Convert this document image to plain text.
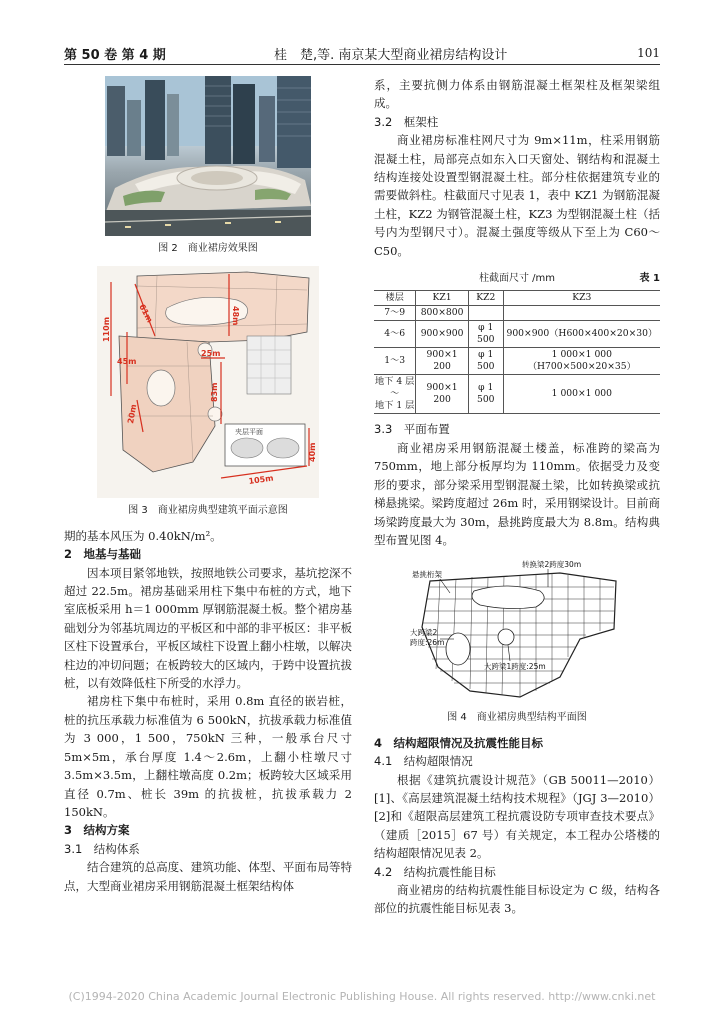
第 50 卷 第 4 期	桂　楚,等. 南京某大型商业裙房结构设计	101
图 2　商业裙房效果图
110m
61m	48m
45m
25m
83m
105m
40m
20m
夹层平面
图 3　商业裙房典型建筑平面示意图

期的基本风压为 0.40kN/m²。

2　地基与基础

因本项目紧邻地铁，按照地铁公司要求，基坑挖深不超过 22.5m。裙房基础采用柱下集中布桩的方式，地下室底板采用 h＝1 000mm 厚钢筋混凝土板。整个裙房基础划分为邻基坑周边的平板区和中部的非平板区：非平板区柱下设置承台，平板区域柱下设置上翻小柱墩，以解决柱边的冲切问题；在板跨较大的区域内，于跨中设置抗拔桩，以有效降低柱下所受的水浮力。

裙房柱下集中布桩时，采用 0.8m 直径的嵌岩桩，桩的抗压承载力标准值为 6 500kN，抗拔承载力标准值为 3 000，1 500，750kN 三种，一般承台尺寸 5m×5m，承台厚度 1.4～2.6m，上翻小柱墩尺寸 3.5m×3.5m，上翻柱墩高度 0.2m；板跨较大区域采用直径 0.7m、桩长 39m 的抗拔桩，抗拔承载力 2 150kN。

3　结构方案

3.1　结构体系

结合建筑的总高度、建筑功能、体型、平面布局等特点，大型商业裙房采用钢筋混凝土框架结构体

系，主要抗侧力体系由钢筋混凝土框架柱及框架梁组成。

3.2　框架柱

商业裙房标准柱网尺寸为 9m×11m，柱采用钢筋混凝土柱，局部亮点如东入口天窗处、钢结构和混凝土结构连接处设置型钢混凝土柱。部分柱依据建筑专业的需要做斜柱。柱截面尺寸见表 1，表中 KZ1 为钢筋混凝土柱，KZ2 为钢管混凝土柱，KZ3 为型钢混凝土柱（括号内为型钢尺寸）。混凝土强度等级从下至上为 C60～C50。

柱截面尺寸 /mm	表 1
楼层	KZ1	KZ2	KZ3
7～9	800×800		
4～6	900×900	φ 1 500	900×900（H600×400×20×30）
1～3	900×1 200	φ 1 500	1 000×1 000（H700×500×20×35）
地下 4 层～
地下 1 层	900×1 200	φ 1 500	1 000×1 000

3.3　平面布置

商业裙房采用钢筋混凝土楼盖，标准跨的梁高为 750mm，地上部分板厚均为 110mm。依据受力及变形的要求，部分梁采用型钢混凝土梁，比如转换梁或抗梯悬挑梁。梁跨度超过 26m 时，采用钢梁设计。目前商场梁跨度最大为 30m，悬挑跨度最大为 8.8m。结构典型布置见图 4。

转换梁2跨度30m
悬挑桁架
大跨梁2
跨度:26m
大跨梁1跨度:25m
图 4　商业裙房典型结构平面图

4　结构超限情况及抗震性能目标

4.1　结构超限情况

根据《建筑抗震设计规范》（GB 50011—2010）[1]、《高层建筑混凝土结构技术规程》（JGJ 3—2010）[2]和《超限高层建筑工程抗震设防专项审查技术要点》（建质［2015］67 号）有关规定，本工程办公塔楼的结构超限情况见表 2。

4.2　结构抗震性能目标

商业裙房的结构抗震性能目标设定为 C 级，结构各部位的抗震性能目标见表 3。

(C)1994-2020 China Academic Journal Electronic Publishing House. All rights reserved. http://www.cnki.net
